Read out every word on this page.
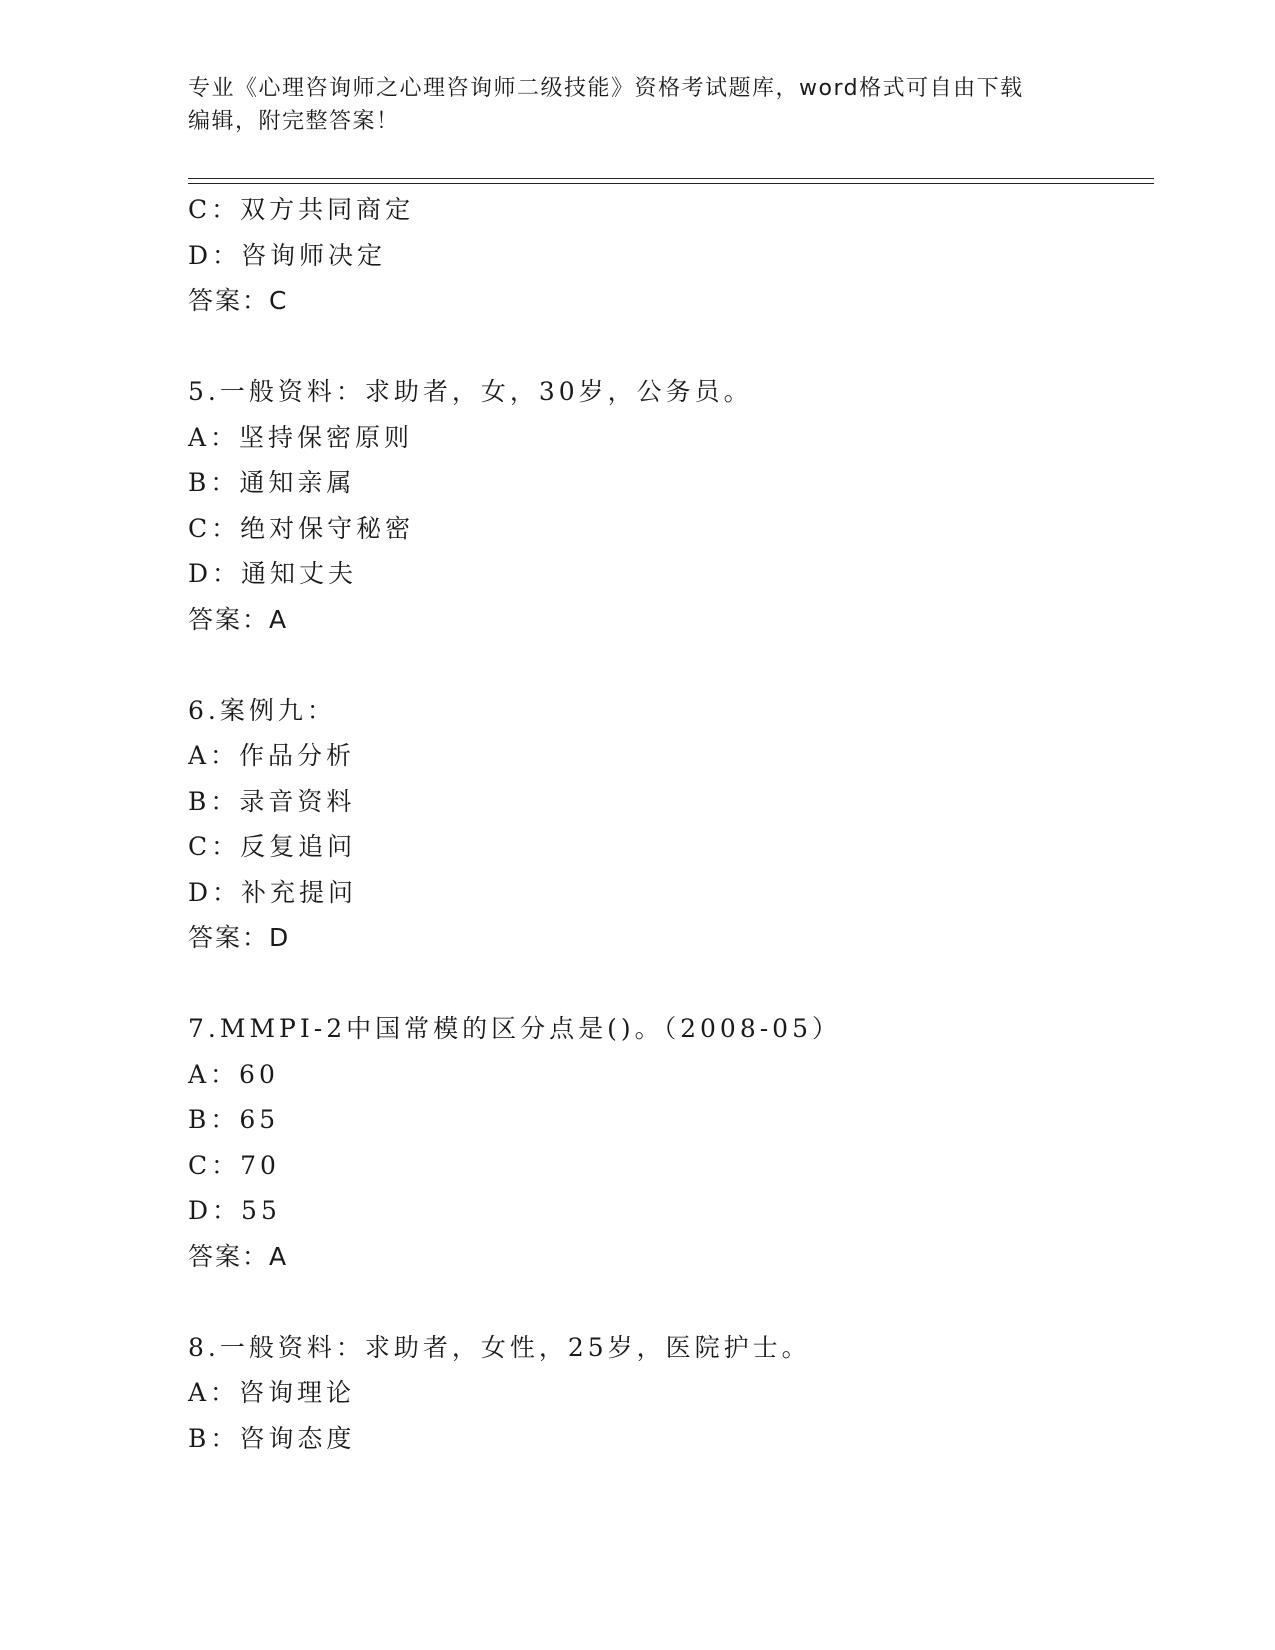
专业《心理咨询师之心理咨询师二级技能》资格考试题库，word格式可自由下载
编辑，附完整答案！
C：双方共同商定
D：咨询师决定
答案：C
5.一般资料：求助者，女，30岁，公务员。
A：坚持保密原则
B：通知亲属
C：绝对保守秘密
D：通知丈夫
答案：A
6.案例九：
A：作品分析
B：录音资料
C：反复追问
D：补充提问
答案：D
7.MMPI-2中国常模的区分点是()。（2008-05）
A：60
B：65
C：70
D：55
答案：A
8.一般资料：求助者，女性，25岁，医院护士。
A：咨询理论
B：咨询态度
